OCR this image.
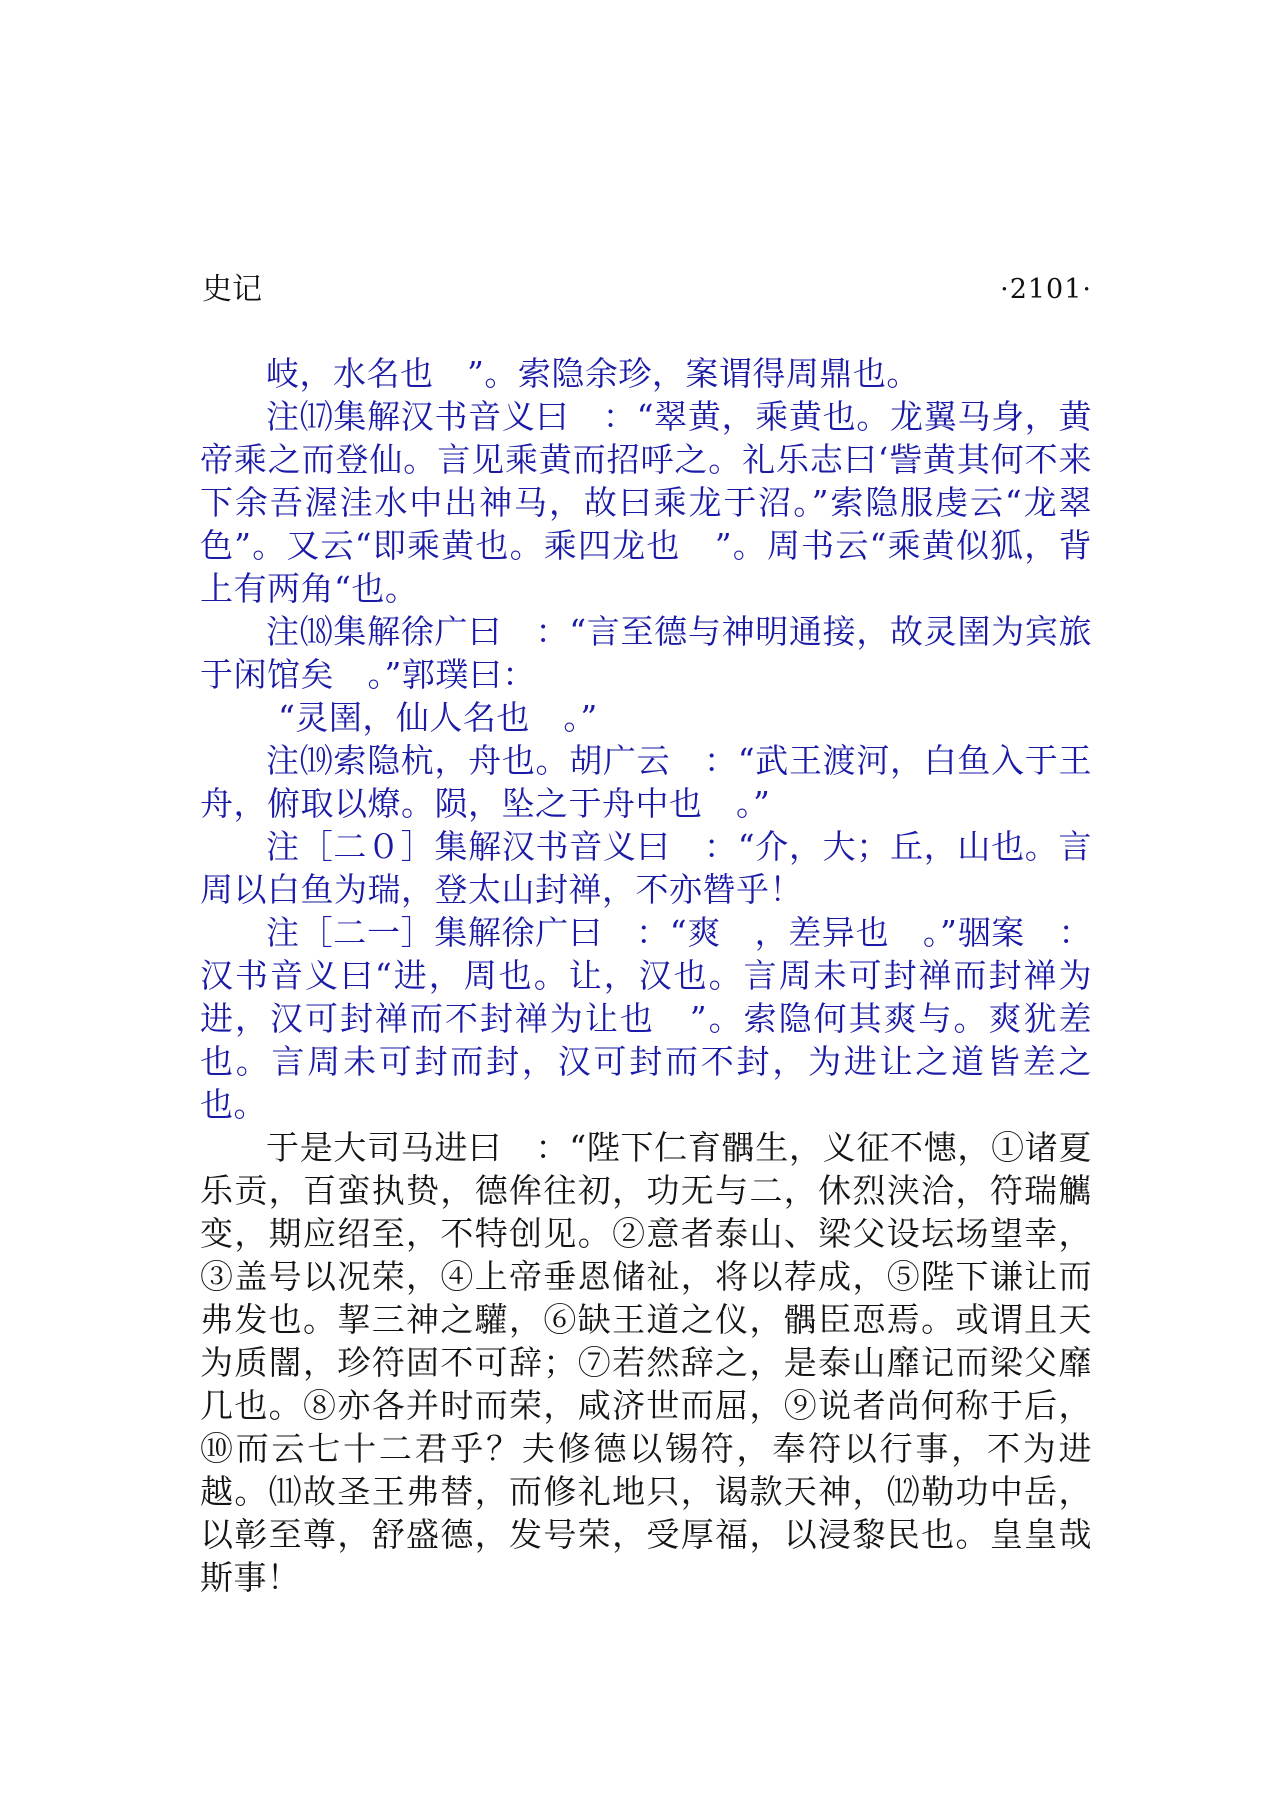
史记	·2101·

岐，水名也　”。索隐余珍，案谓得周鼎也。

注⒄集解汉书音义曰　：“翠黄，乘黄也。龙翼马身，黄帝乘之而登仙。言见乘黄而招呼之。礼乐志曰‘訾黄其何不来下余吾渥洼水中出神马，故曰乘龙于沼。”索隐服虔云“龙翠色”。又云“即乘黄也。乘四龙也　”。周书云“乘黄似狐，背上有两角“也。

注⒅集解徐广曰　：“言至德与神明通接，故灵圉为宾旅于闲馆矣　。”郭璞曰：

“灵圉，仙人名也　。”

注⒆索隐杭，舟也。胡广云　：“武王渡河，白鱼入于王舟，俯取以燎。陨，坠之于舟中也　。”

注［二０］集解汉书音义曰　：“介，大；丘，山也。言周以白鱼为瑞，登太山封禅，不亦㬱乎！

注［二一］集解徐广曰　：“爽　，差异也　。”骃案　：汉书音义曰“进，周也。让，汉也。言周未可封禅而封禅为进，汉可封禅而不封禅为让也　”。索隐何其爽与。爽犹差也。言周未可封而封，汉可封而不封，为进让之道皆差之也。

于是大司马进曰　：“陛下仁育髃生，义征不憓，①诸夏乐贡，百蛮执贽，德侔往初，功无与二，休烈浃洽，符瑞觽变，期应绍至，不特创见。②意者泰山、梁父设坛场望幸，③盖号以况荣，④上帝垂恩储祉，将以荐成，⑤陛下谦让而弗发也。挈三神之驩，⑥缺王道之仪，髃臣恧焉。或谓且天为质闇，珍符固不可辞；⑦若然辞之，是泰山靡记而梁父靡几也。⑧亦各并时而荣，咸济世而屈，⑨说者尚何称于后，⑩而云七十二君乎？夫修德以锡符，奉符以行事，不为进越。⑾故圣王弗替，而修礼地只，谒款天神，⑿勒功中岳，以彰至尊，舒盛德，发号荣，受厚福，以浸黎民也。皇皇哉斯事！
